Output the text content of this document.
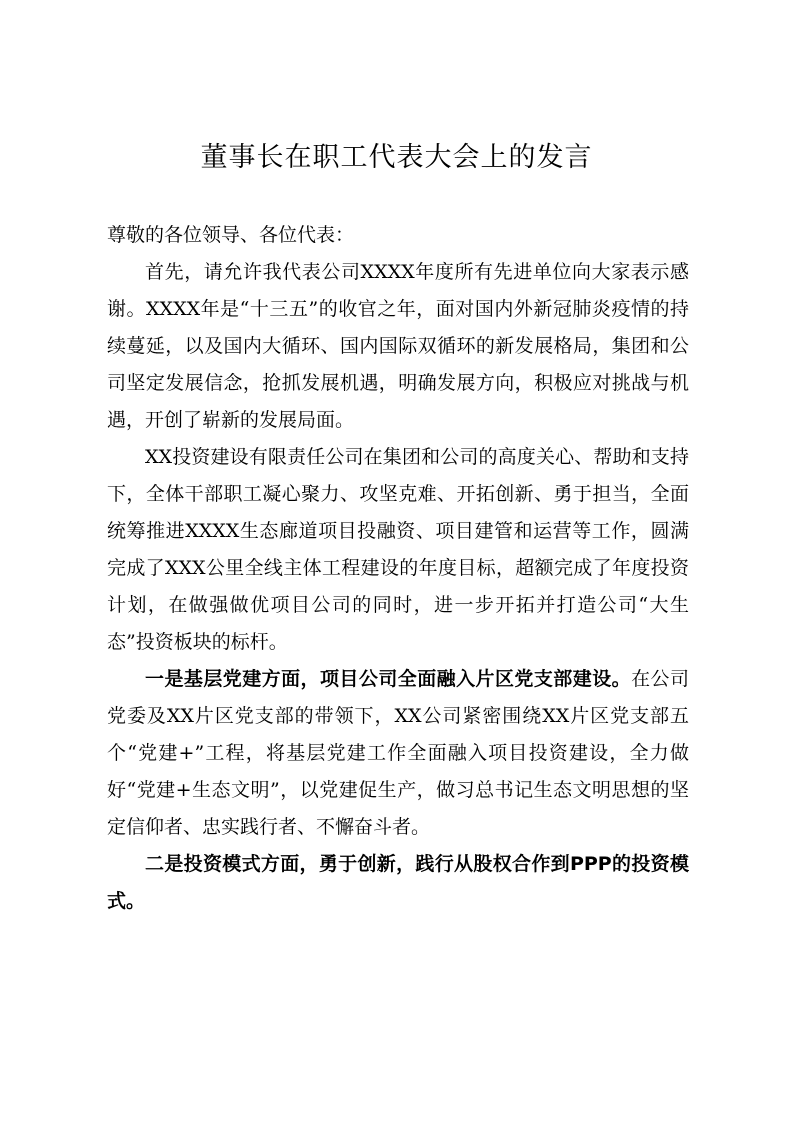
董事长在职工代表大会上的发言

尊敬的各位领导、各位代表：

首先，请允许我代表公司XXXX年度所有先进单位向大家表示感谢。XXXX年是“十三五”的收官之年，面对国内外新冠肺炎疫情的持续蔓延，以及国内大循环、国内国际双循环的新发展格局，集团和公司坚定发展信念，抢抓发展机遇，明确发展方向，积极应对挑战与机遇，开创了崭新的发展局面。

XX投资建设有限责任公司在集团和公司的高度关心、帮助和支持下，全体干部职工凝心聚力、攻坚克难、开拓创新、勇于担当，全面统筹推进XXXX生态廊道项目投融资、项目建管和运营等工作，圆满完成了XXX公里全线主体工程建设的年度目标，超额完成了年度投资计划，在做强做优项目公司的同时，进一步开拓并打造公司“大生态”投资板块的标杆。

一是基层党建方面，项目公司全面融入片区党支部建设。在公司党委及XX片区党支部的带领下，XX公司紧密围绕XX片区党支部五个“党建+”工程，将基层党建工作全面融入项目投资建设，全力做好“党建+生态文明”，以党建促生产，做习总书记生态文明思想的坚定信仰者、忠实践行者、不懈奋斗者。

二是投资模式方面，勇于创新，践行从股权合作到PPP的投资模式。
